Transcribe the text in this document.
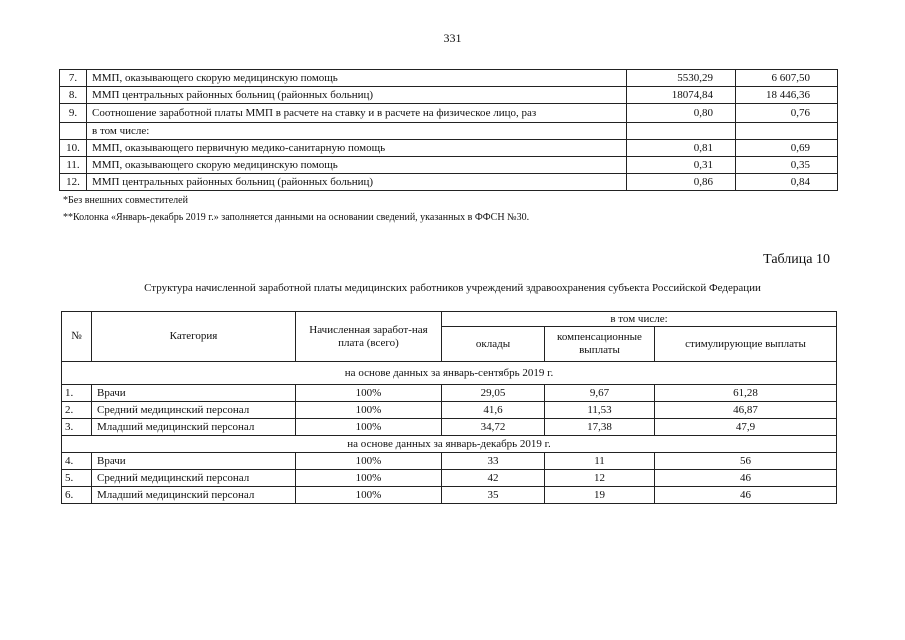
331
7.	ММП, оказывающего скорую медицинскую помощь	5530,29	6 607,50
8.	ММП центральных районных больниц (районных больниц)	18074,84	18 446,36
9.	Соотношение заработной платы ММП в расчете на ставку и в расчете на физическое лицо, раз	0,80	0,76
	в том числе:		
10.	ММП, оказывающего первичную медико-санитарную помощь	0,81	0,69
11.	ММП, оказывающего скорую медицинскую помощь	0,31	0,35
12.	ММП центральных районных больниц (районных больниц)	0,86	0,84
*Без внешних совместителей
**Колонка «Январь-декабрь 2019 г.» заполняется данными на основании сведений, указанных в ФФСН №30.
Таблица 10
Структура начисленной заработной платы медицинских работников учреждений здравоохранения субъекта Российской Федерации
№	Категория	Начисленная заработ-ная плата (всего)	в том числе:		
			оклады	компенсационные выплаты	стимулирующие выплаты
на основе данных за январь-сентябрь 2019 г.					
1.	Врачи	100%	29,05	9,67	61,28
2.	Средний медицинский персонал	100%	41,6	11,53	46,87
3.	Младший медицинский персонал	100%	34,72	17,38	47,9
на основе данных за январь-декабрь 2019 г.					
4.	Врачи	100%	33	11	56
5.	Средний медицинский персонал	100%	42	12	46
6.	Младший медицинский персонал	100%	35	19	46
